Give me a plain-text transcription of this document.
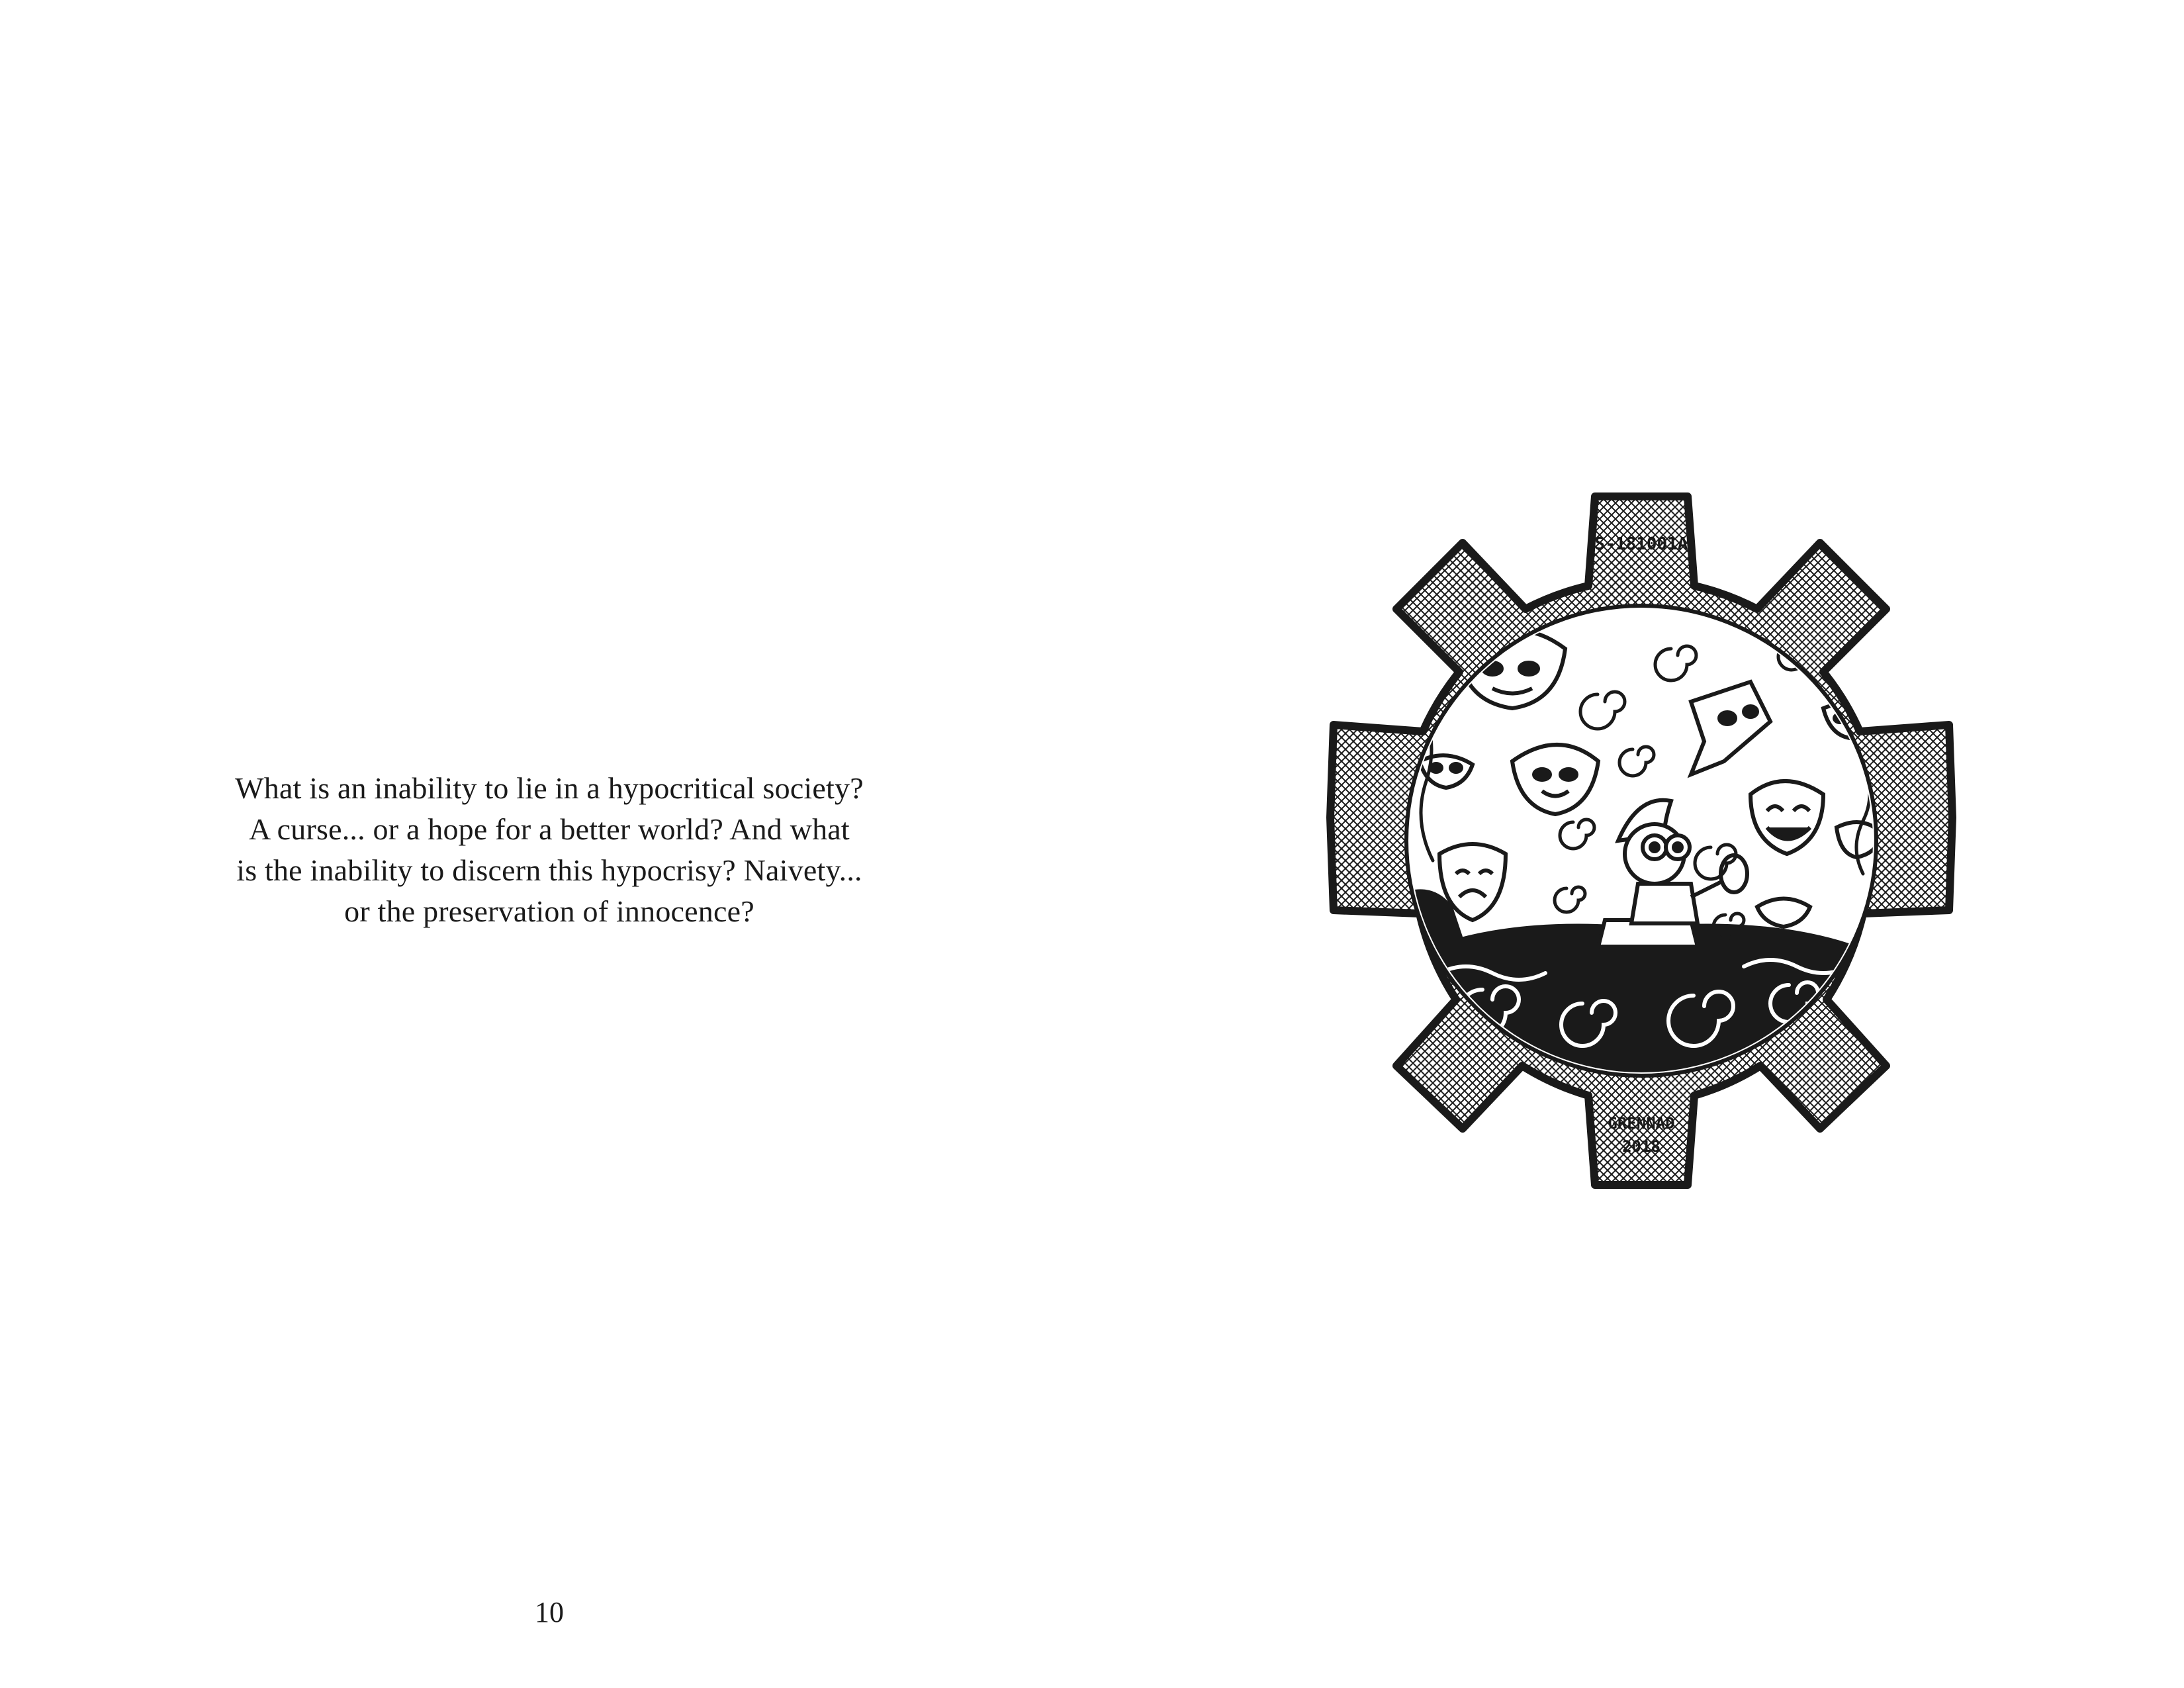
What is an inability to lie in a hypocritical society?
A curse... or a hope for a better world? And what
is the inability to discern this hypocrisy? Naivety...
or the preservation of innocence?
10
S-181001A
GRENNAD
2018
